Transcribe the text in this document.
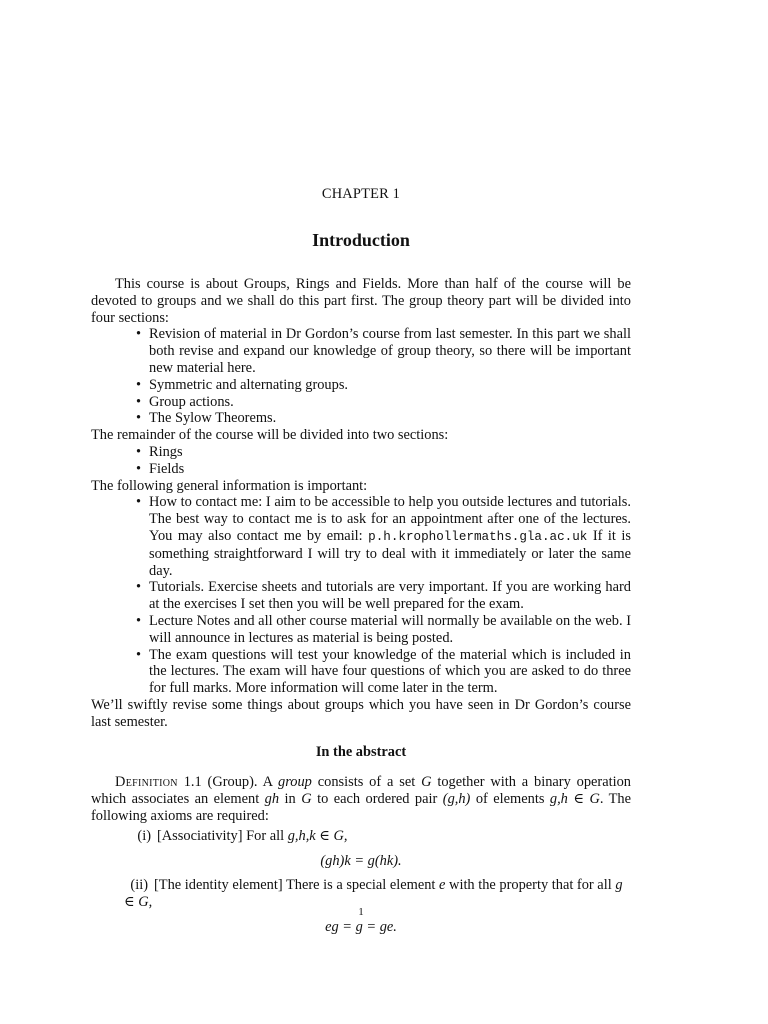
CHAPTER 1
Introduction

This course is about Groups, Rings and Fields. More than half of the course will be devoted to groups and we shall do this part first. The group theory part will be divided into four sections:

• Revision of material in Dr Gordon’s course from last semester. In this part we shall both revise and expand our knowledge of group theory, so there will be important new material here.
• Symmetric and alternating groups.
• Group actions.
• The Sylow Theorems.

The remainder of the course will be divided into two sections:

• Rings
• Fields

The following general information is important:

• How to contact me: I aim to be accessible to help you outside lectures and tutorials. The best way to contact me is to ask for an appointment after one of the lectures. You may also contact me by email: p.h.krophollermaths.gla.ac.uk If it is something straightforward I will try to deal with it immediately or later the same day.
• Tutorials. Exercise sheets and tutorials are very important. If you are working hard at the exercises I set then you will be well prepared for the exam.
• Lecture Notes and all other course material will normally be available on the web. I will announce in lectures as material is being posted.
• The exam questions will test your knowledge of the material which is included in the lectures. The exam will have four questions of which you are asked to do three for full marks. More information will come later in the term.

We’ll swiftly revise some things about groups which you have seen in Dr Gordon’s course last semester.

In the abstract

Definition 1.1 (Group). A group consists of a set G together with a binary operation which associates an element gh in G to each ordered pair (g,h) of elements g,h ∈ G. The following axioms are required:

(i) [Associativity] For all g,h,k ∈ G,
(gh)k = g(hk).
(ii) [The identity element] There is a special element e with the property that for all g ∈ G,
eg = g = ge.
1
